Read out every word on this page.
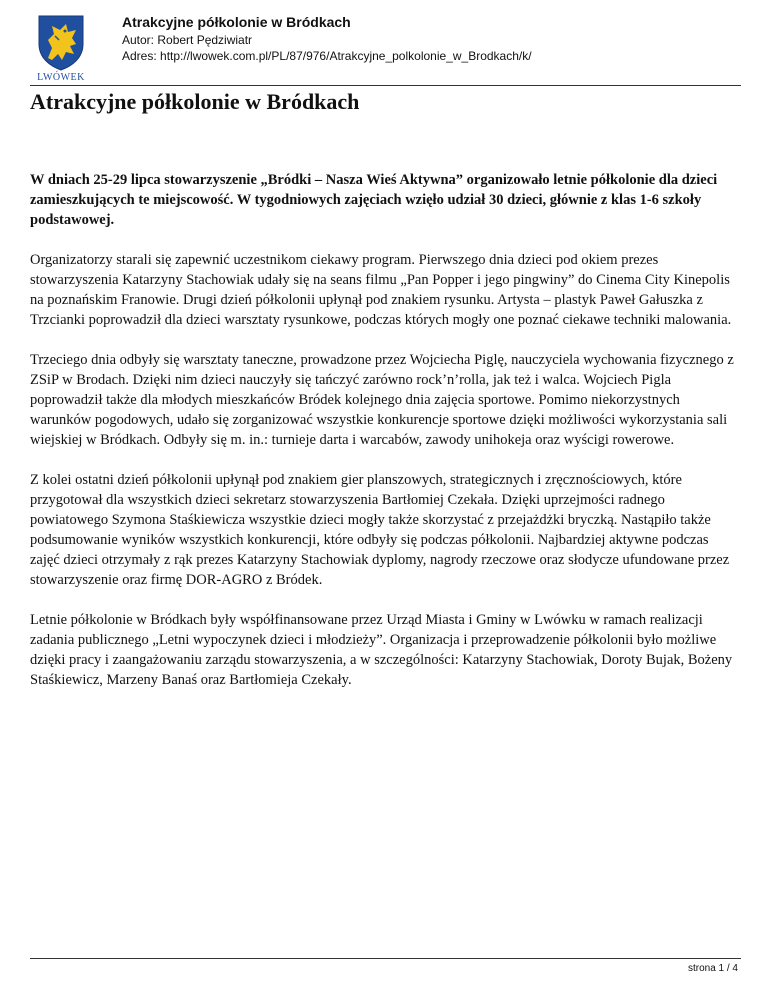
LWÓWEK
Atrakcyjne półkolonie w Bródkach
Autor: Robert Pędziwiatr
Adres: http://lwowek.com.pl/PL/87/976/Atrakcyjne_polkolonie_w_Brodkach/k/
Atrakcyjne półkolonie w Bródkach

W dniach 25-29 lipca stowarzyszenie „Bródki – Nasza Wieś Aktywna” organizowało letnie półkolonie dla dzieci zamieszkujących te miejscowość. W tygodniowych zajęciach wzięło udział 30 dzieci, głównie z klas 1-6 szkoły podstawowej.

Organizatorzy starali się zapewnić uczestnikom ciekawy program. Pierwszego dnia dzieci pod okiem prezes stowarzyszenia Katarzyny Stachowiak udały się na seans filmu „Pan Popper i jego pingwiny” do Cinema City Kinepolis na poznańskim Franowie. Drugi dzień półkolonii upłynął pod znakiem rysunku. Artysta – plastyk Paweł Gałuszka z Trzcianki poprowadził dla dzieci warsztaty rysunkowe, podczas których mogły one poznać ciekawe techniki malowania.

Trzeciego dnia odbyły się warsztaty taneczne, prowadzone przez Wojciecha Piglę, nauczyciela wychowania fizycznego z ZSiP w Brodach. Dzięki nim dzieci nauczyły się tańczyć zarówno rock’n’rolla, jak też i walca. Wojciech Pigla poprowadził także dla młodych mieszkańców Bródek kolejnego dnia zajęcia sportowe. Pomimo niekorzystnych warunków pogodowych, udało się zorganizować wszystkie konkurencje sportowe dzięki możliwości wykorzystania sali wiejskiej w Bródkach. Odbyły się m. in.: turnieje darta i warcabów, zawody unihokeja oraz wyścigi rowerowe.

Z kolei ostatni dzień półkolonii upłynął pod znakiem gier planszowych, strategicznych i zręcznościowych, które przygotował dla wszystkich dzieci sekretarz stowarzyszenia Bartłomiej Czekała. Dzięki uprzejmości radnego powiatowego Szymona Staśkiewicza wszystkie dzieci mogły także skorzystać z przejażdżki bryczką. Nastąpiło także podsumowanie wyników wszystkich konkurencji, które odbyły się podczas półkolonii. Najbardziej aktywne podczas zajęć dzieci otrzymały z rąk prezes Katarzyny Stachowiak dyplomy, nagrody rzeczowe oraz słodycze ufundowane przez stowarzyszenie oraz firmę DOR-AGRO z Bródek.

Letnie półkolonie w Bródkach były współfinansowane przez Urząd Miasta i Gminy w Lwówku w ramach realizacji zadania publicznego „Letni wypoczynek dzieci i młodzieży”. Organizacja i przeprowadzenie półkolonii było możliwe dzięki pracy i zaangażowaniu zarządu stowarzyszenia, a w szczególności: Katarzyny Stachowiak, Doroty Bujak, Bożeny Staśkiewicz, Marzeny Banaś oraz Bartłomieja Czekały.

strona 1 / 4
